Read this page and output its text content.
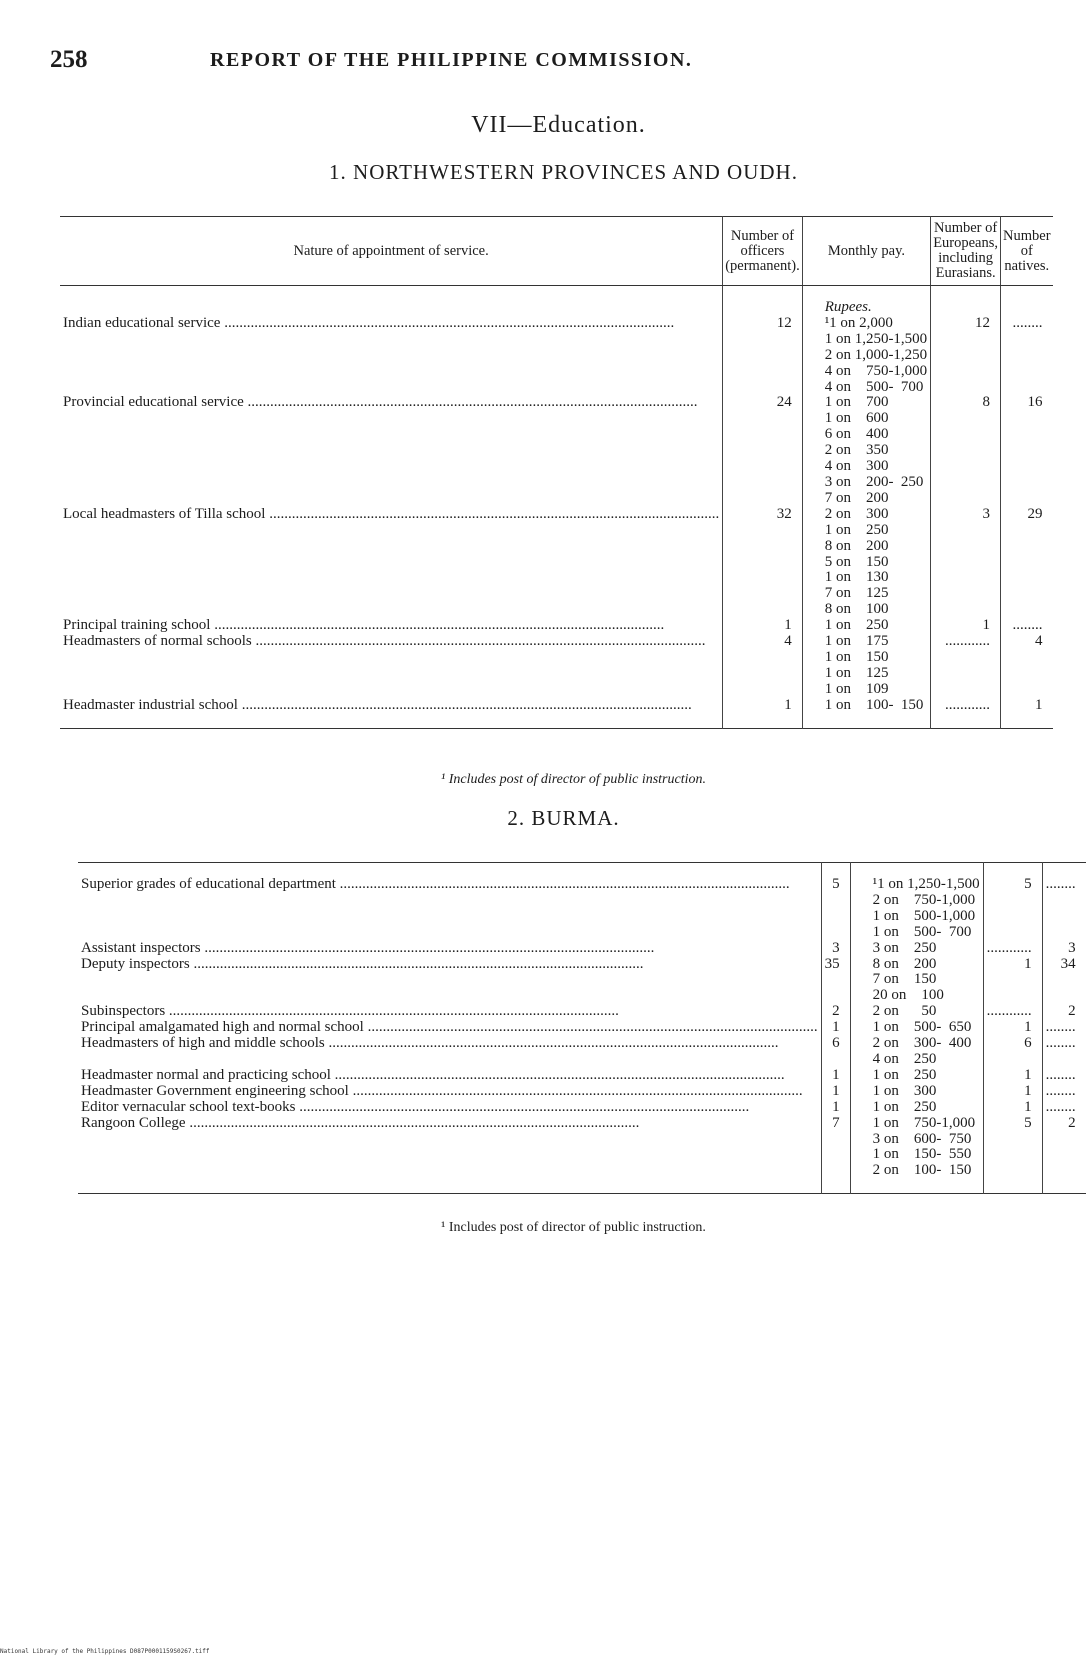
258	REPORT OF THE PHILIPPINE COMMISSION.
VII—Education.
1. NORTHWESTERN PROVINCES AND OUDH.
Nature of appointment of service.	Number of officers (permanent).	Monthly pay.	Number of Europeans, including Eurasians.	Number of natives.

		Rupees.		
Indian educational service .....	12	¹1 on 2,000	12	........
		1 on 1,250-1,500		
		2 on 1,000-1,250		
		4 on    750-1,000		
		4 on    500-  700		
Provincial educational service .....	24	1 on    700	8	16
		1 on    600		
		6 on    400		
		2 on    350		
		4 on    300		
		3 on    200-  250		
		7 on    200		
Local headmasters of Tilla school .....	32	2 on    300	3	29
		1 on    250		
		8 on    200		
		5 on    150		
		1 on    130		
		7 on    125		
		8 on    100		
Principal training school .....	1	1 on    250	1	........
Headmasters of normal schools .....	4	1 on    175	............	4
		1 on    150		
		1 on    125		
		1 on    109		
Headmaster industrial school .....	1	1 on    100-  150	............	1

¹ Includes post of director of public instruction.
2. BURMA.

Superior grades of educational department .....	5	¹1 on 1,250-1,500	5	........
		2 on    750-1,000		
		1 on    500-1,000		
		1 on    500-  700		
Assistant inspectors .....	3	3 on    250	............	3
Deputy inspectors .....	35	8 on    200	1	34
		7 on    150		
		20 on    100		
Subinspectors .....	2	2 on      50	............	2
Principal amalgamated high and normal school .....	1	1 on    500-  650	1	........
Headmasters of high and middle schools .....	6	2 on    300-  400	6	........
		4 on    250		
Headmaster normal and practicing school .....	1	1 on    250	1	........
Headmaster Government engineering school .....	1	1 on    300	1	........
Editor vernacular school text-books .....	1	1 on    250	1	........
Rangoon College .....	7	1 on    750-1,000	5	2
		3 on    600-  750		
		1 on    150-  550		
		2 on    100-  150		

¹ Includes post of director of public instruction.
National Library of the Philippines D087P0001159S0267.tiff
